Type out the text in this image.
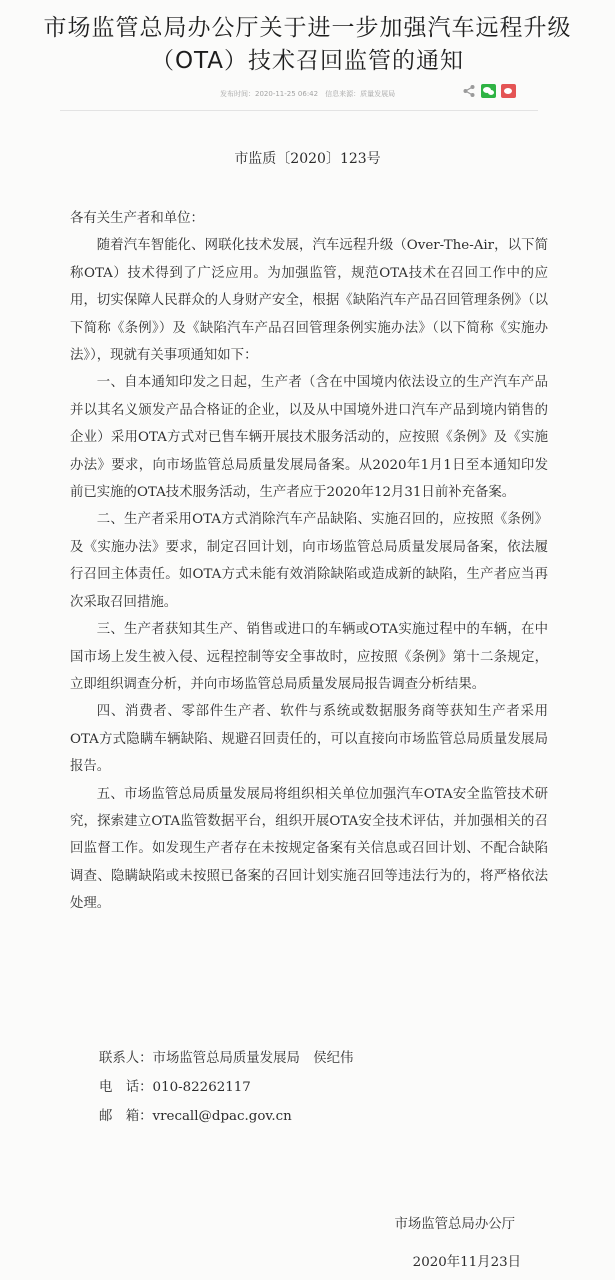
市场监管总局办公厅关于进一步加强汽车远程升级（OTA）技术召回监管的通知
发布时间：2020-11-25 06:42　信息来源：质量发展局
市监质〔2020〕123号

各有关生产者和单位：

随着汽车智能化、网联化技术发展，汽车远程升级（Over-The-Air，以下简称OTA）技术得到了广泛应用。为加强监管，规范OTA技术在召回工作中的应用，切实保障人民群众的人身财产安全，根据《缺陷汽车产品召回管理条例》（以下简称《条例》）及《缺陷汽车产品召回管理条例实施办法》（以下简称《实施办法》），现就有关事项通知如下：

一、自本通知印发之日起，生产者（含在中国境内依法设立的生产汽车产品并以其名义颁发产品合格证的企业，以及从中国境外进口汽车产品到境内销售的企业）采用OTA方式对已售车辆开展技术服务活动的，应按照《条例》及《实施办法》要求，向市场监管总局质量发展局备案。从2020年1月1日至本通知印发前已实施的OTA技术服务活动，生产者应于2020年12月31日前补充备案。

二、生产者采用OTA方式消除汽车产品缺陷、实施召回的，应按照《条例》及《实施办法》要求，制定召回计划，向市场监管总局质量发展局备案，依法履行召回主体责任。如OTA方式未能有效消除缺陷或造成新的缺陷，生产者应当再次采取召回措施。

三、生产者获知其生产、销售或进口的车辆或OTA实施过程中的车辆，在中国市场上发生被入侵、远程控制等安全事故时，应按照《条例》第十二条规定，立即组织调查分析，并向市场监管总局质量发展局报告调查分析结果。

四、消费者、零部件生产者、软件与系统或数据服务商等获知生产者采用OTA方式隐瞒车辆缺陷、规避召回责任的，可以直接向市场监管总局质量发展局报告。

五、市场监管总局质量发展局将组织相关单位加强汽车OTA安全监管技术研究，探索建立OTA监管数据平台，组织开展OTA安全技术评估，并加强相关的召回监督工作。如发现生产者存在未按规定备案有关信息或召回计划、不配合缺陷调查、隐瞒缺陷或未按照已备案的召回计划实施召回等违法行为的，将严格依法处理。

联系人：市场监管总局质量发展局　侯纪伟
电　话：010-82262117
邮　箱：vrecall@dpac.gov.cn
市场监管总局办公厅
2020年11月23日
